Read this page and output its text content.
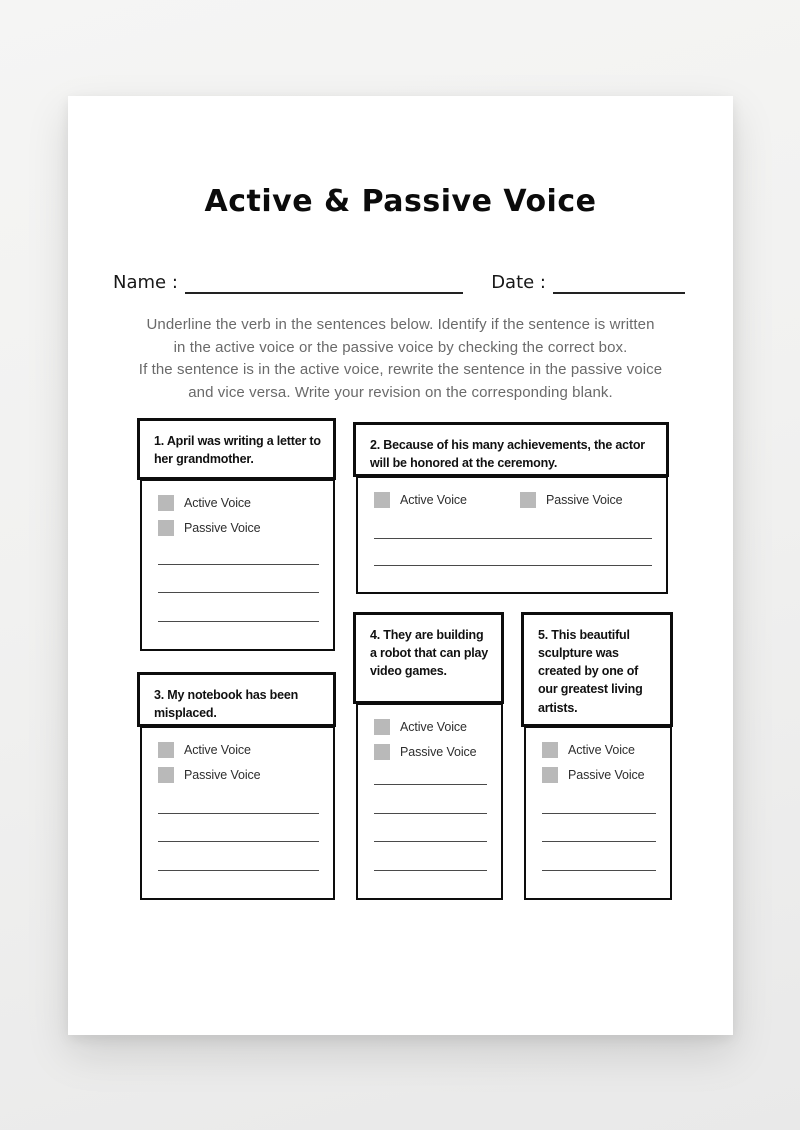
Active & Passive Voice
Name :	Date :
Underline the verb in the sentences below. Identify if the sentence is written
in the active voice or the passive voice by checking the correct box.
If the sentence is in the active voice, rewrite the sentence in the passive voice
and vice versa. Write your revision on the corresponding blank.
1. April was writing a letter to her grandmother.
Active Voice
Passive Voice
2. Because of his many achievements, the actor will be honored at the ceremony.
Active Voice	Passive Voice
3. My notebook has been misplaced.
Active Voice
Passive Voice
4. They are building a robot that can play video games.
Active Voice
Passive Voice
5. This beautiful sculpture was created by one of our greatest living artists.
Active Voice
Passive Voice
